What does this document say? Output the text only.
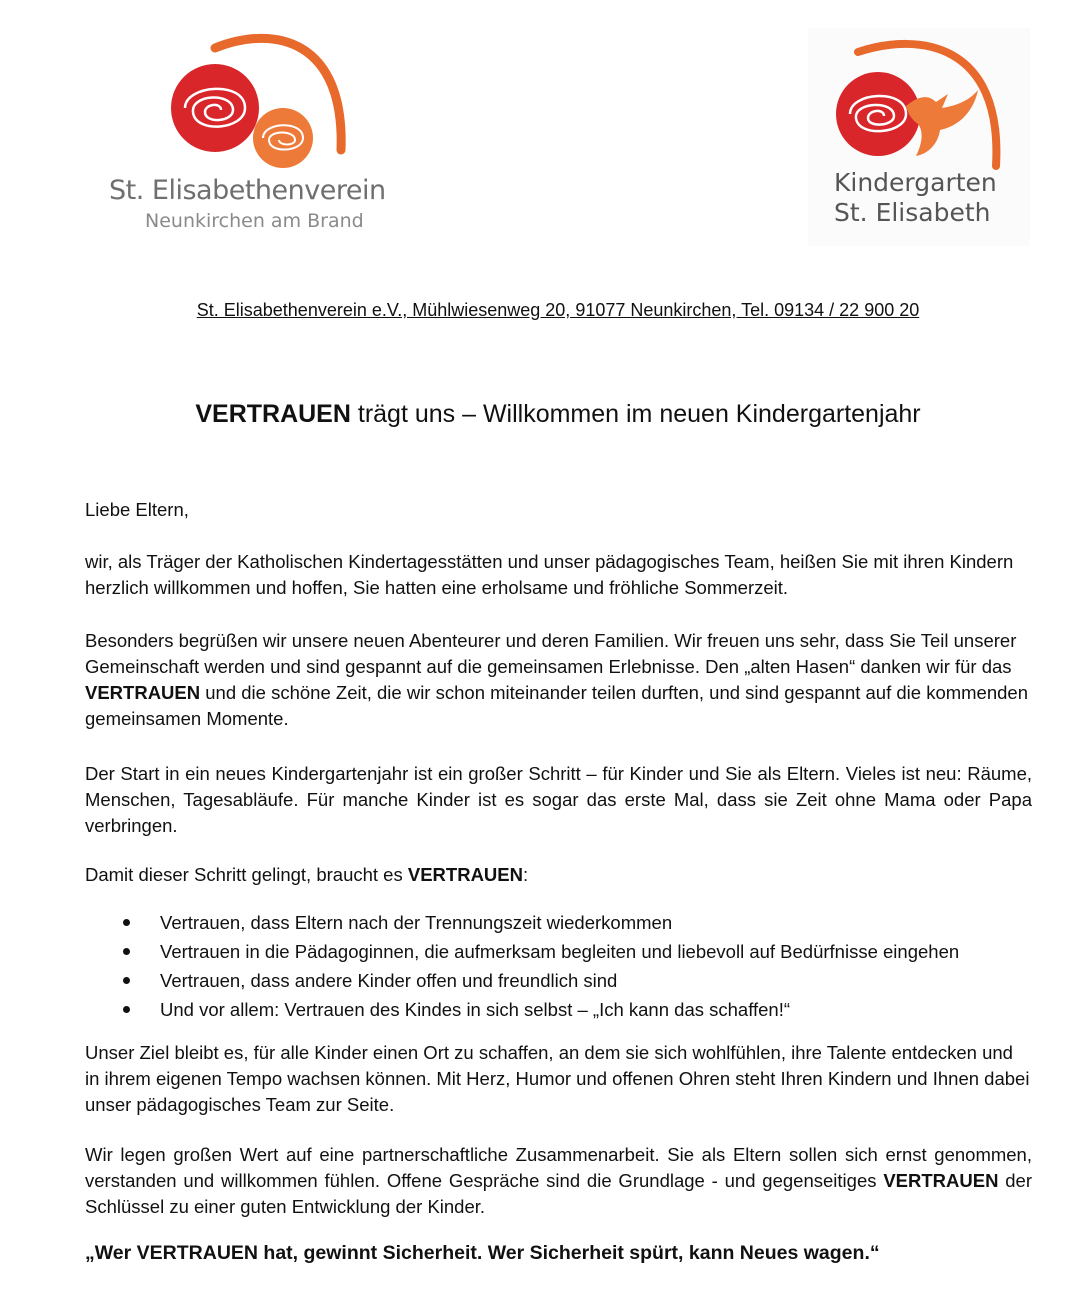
St. Elisabethenverein
Neunkirchen am Brand
Kindergarten
St. Elisabeth
St. Elisabethenverein e.V., Mühlwiesenweg 20, 91077 Neunkirchen, Tel. 09134 / 22 900 20
VERTRAUEN trägt uns – Willkommen im neuen Kindergartenjahr

Liebe Eltern,

wir, als Träger der Katholischen Kindertagesstätten und unser pädagogisches Team, heißen Sie mit ihren Kindern herzlich willkommen und hoffen, Sie hatten eine erholsame und fröhliche Sommerzeit.

Besonders begrüßen wir unsere neuen Abenteurer und deren Familien. Wir freuen uns sehr, dass Sie Teil unserer Gemeinschaft werden und sind gespannt auf die gemeinsamen Erlebnisse. Den „alten Hasen“ danken wir für das VERTRAUEN und die schöne Zeit, die wir schon miteinander teilen durften, und sind gespannt auf die kommenden gemeinsamen Momente.

Der Start in ein neues Kindergartenjahr ist ein großer Schritt – für Kinder und Sie als Eltern. Vieles ist neu: Räume, Menschen, Tagesabläufe. Für manche Kinder ist es sogar das erste Mal, dass sie Zeit ohne Mama oder Papa verbringen.

Damit dieser Schritt gelingt, braucht es VERTRAUEN:

Vertrauen, dass Eltern nach der Trennungszeit wiederkommen
Vertrauen in die Pädagoginnen, die aufmerksam begleiten und liebevoll auf Bedürfnisse eingehen
Vertrauen, dass andere Kinder offen und freundlich sind
Und vor allem: Vertrauen des Kindes in sich selbst – „Ich kann das schaffen!“

Unser Ziel bleibt es, für alle Kinder einen Ort zu schaffen, an dem sie sich wohlfühlen, ihre Talente entdecken und in ihrem eigenen Tempo wachsen können. Mit Herz, Humor und offenen Ohren steht Ihren Kindern und Ihnen dabei unser pädagogisches Team zur Seite.

Wir legen großen Wert auf eine partnerschaftliche Zusammenarbeit. Sie als Eltern sollen sich ernst genommen, verstanden und willkommen fühlen. Offene Gespräche sind die Grundlage - und gegenseitiges VERTRAUEN der Schlüssel zu einer guten Entwicklung der Kinder.

„Wer VERTRAUEN hat, gewinnt Sicherheit. Wer Sicherheit spürt, kann Neues wagen.“
